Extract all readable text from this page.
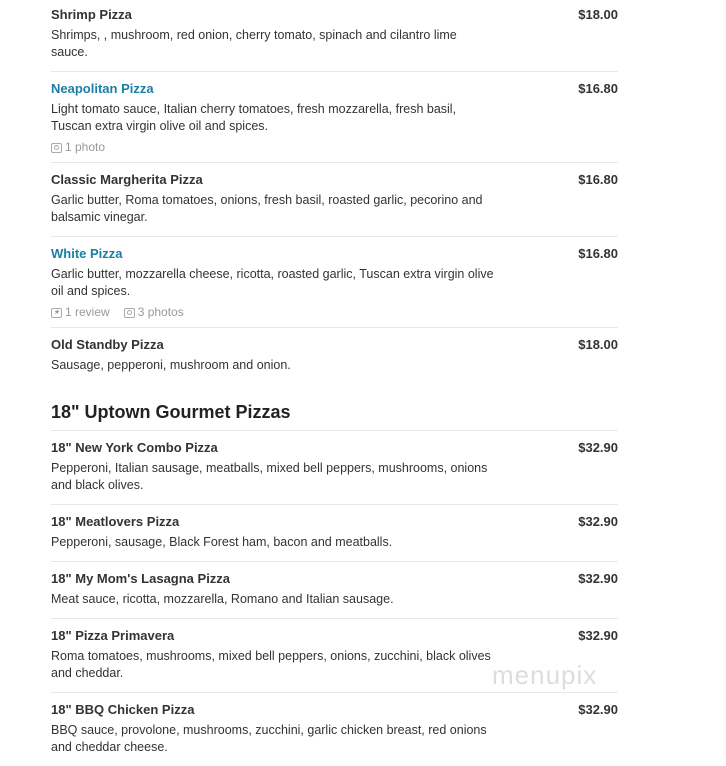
Shrimp Pizza	$18.00
Shrimps, , mushroom, red onion, cherry tomato, spinach and cilantro lime sauce.
Neapolitan Pizza	$16.80
Light tomato sauce, Italian cherry tomatoes, fresh mozzarella, fresh basil, Tuscan extra virgin olive oil and spices.
1 photo
Classic Margherita Pizza	$16.80
Garlic butter, Roma tomatoes, onions, fresh basil, roasted garlic, pecorino and balsamic vinegar.
White Pizza	$16.80
Garlic butter, mozzarella cheese, ricotta, roasted garlic, Tuscan extra virgin olive oil and spices.
★ 1 review 3 photos
Old Standby Pizza	$18.00
Sausage, pepperoni, mushroom and onion.
18" Uptown Gourmet Pizzas
18" New York Combo Pizza	$32.90
Pepperoni, Italian sausage, meatballs, mixed bell peppers, mushrooms, onions and black olives.
18" Meatlovers Pizza	$32.90
Pepperoni, sausage, Black Forest ham, bacon and meatballs.
18" My Mom's Lasagna Pizza	$32.90
Meat sauce, ricotta, mozzarella, Romano and Italian sausage.
18" Pizza Primavera	$32.90
Roma tomatoes, mushrooms, mixed bell peppers, onions, zucchini, black olives and cheddar.
18" BBQ Chicken Pizza	$32.90
BBQ sauce, provolone, mushrooms, zucchini, garlic chicken breast, red onions and cheddar cheese.
menupix
